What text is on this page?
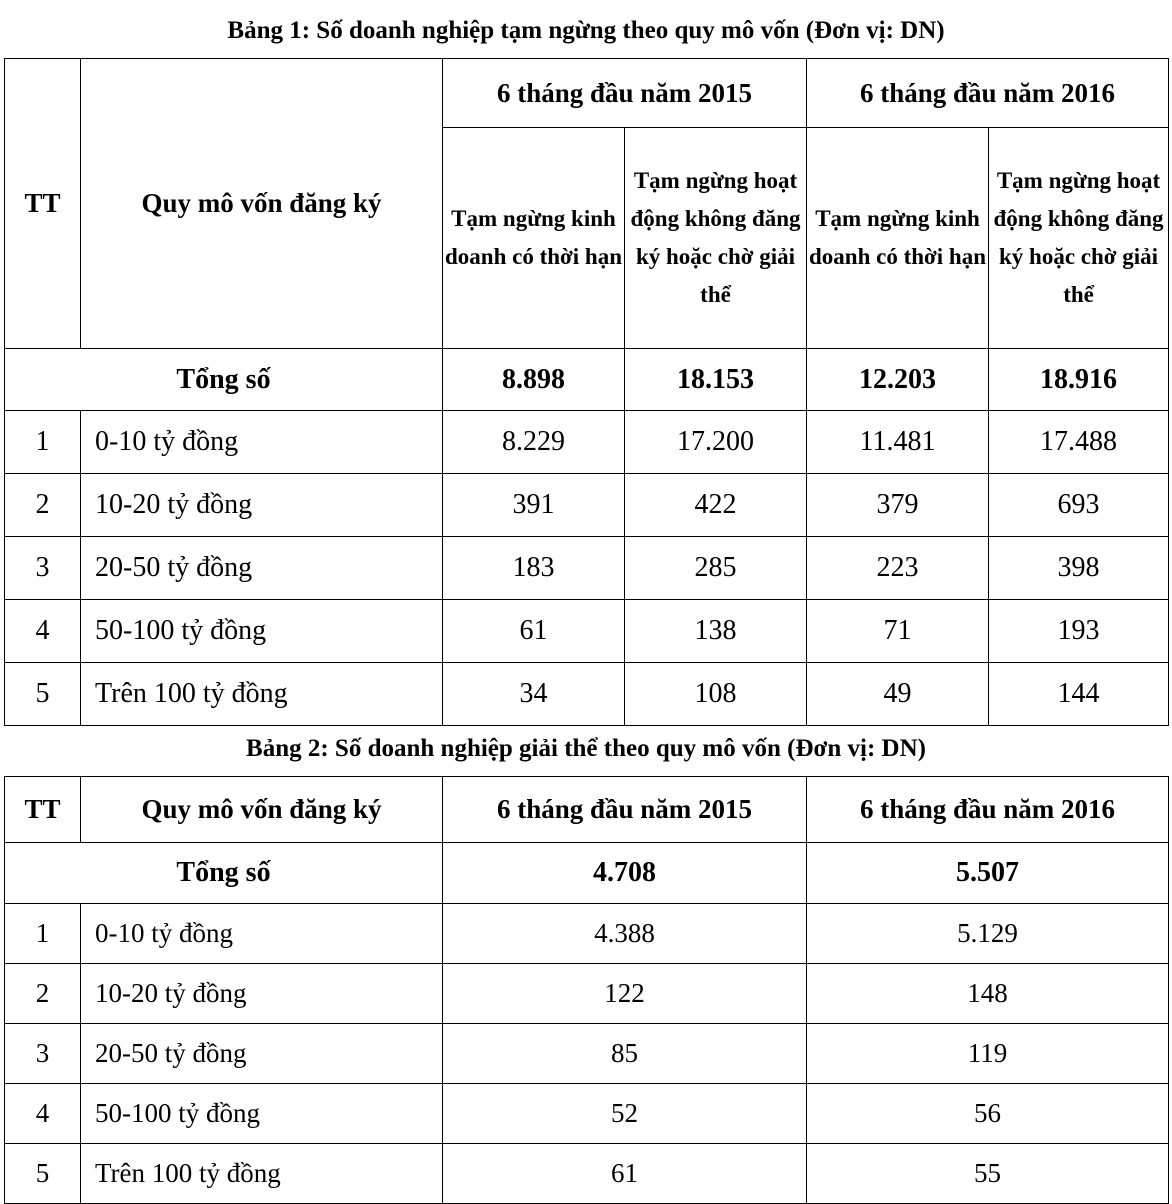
Bảng 1: Số doanh nghiệp tạm ngừng theo quy mô vốn (Đơn vị: DN)
TT	Quy mô vốn đăng ký	6 tháng đầu năm 2015		6 tháng đầu năm 2016	
		Tạm ngừng kinh doanh có thời hạn	Tạm ngừng hoạt động không đăng ký hoặc chờ giải thể	Tạm ngừng kinh doanh có thời hạn	Tạm ngừng hoạt động không đăng ký hoặc chờ giải thể
Tổng số		8.898	18.153	12.203	18.916
1	0-10 tỷ đồng	8.229	17.200	11.481	17.488
2	10-20 tỷ đồng	391	422	379	693
3	20-50 tỷ đồng	183	285	223	398
4	50-100 tỷ đồng	61	138	71	193
5	Trên 100 tỷ đồng	34	108	49	144
Bảng 2: Số doanh nghiệp giải thể theo quy mô vốn (Đơn vị: DN)
TT	Quy mô vốn đăng ký	6 tháng đầu năm 2015	6 tháng đầu năm 2016
Tổng số		4.708	5.507
1	0-10 tỷ đồng	4.388	5.129
2	10-20 tỷ đồng	122	148
3	20-50 tỷ đồng	85	119
4	50-100 tỷ đồng	52	56
5	Trên 100 tỷ đồng	61	55
